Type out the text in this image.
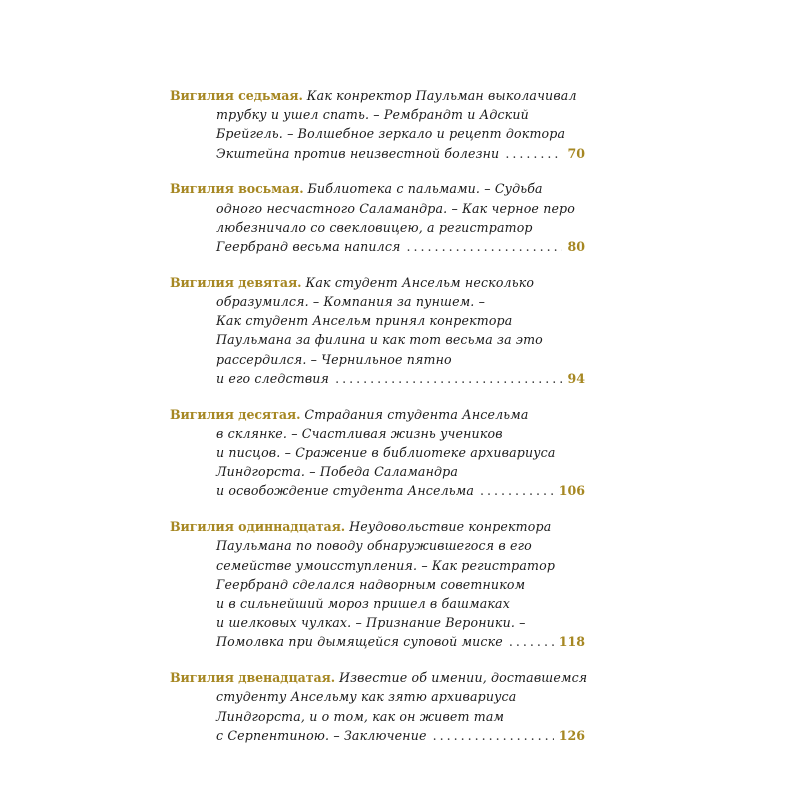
Вигилия седьмая.
Как конректор Паульман выколачивал
трубку и ушел спать. – Рембрандт и Адский
Брейгель. – Волшебное зеркало и рецепт доктора
Экштейна против неизвестной болезни . . .	70
Вигилия восьмая.
Библиотека с пальмами. – Судьба
одного несчастного Саламандра. – Как черное перо
любезничало со свекловицею, а регистратор
Геербранд весьма напился . . .	80
Вигилия девятая.
Как студент Ансельм несколько
образумился. – Компания за пуншем. –
Как студент Ансельм принял конректора
Паульмана за филина и как тот весьма за это
рассердился. – Чернильное пятно
и его следствия . . .	94
Вигилия десятая.
Страдания студента Ансельма
в склянке. – Счастливая жизнь учеников
и писцов. – Сражение в библиотеке архивариуса
Линдгорста. – Победа Саламандра
и освобождение студента Ансельма . . .	106
Вигилия одиннадцатая.
Неудовольствие конректора
Паульмана по поводу обнаружившегося в его
семействе умоисступления. – Как регистратор
Геербранд сделался надворным советником
и в сильнейший мороз пришел в башмаках
и шелковых чулках. – Признание Вероники. –
Помолвка при дымящейся суповой миске . . .	118
Вигилия двенадцатая.
Известие об имении, доставшемся
студенту Ансельму как зятю архивариуса
Линдгорста, и о том, как он живет там
с Серпентиною. – Заключение . . .	126
